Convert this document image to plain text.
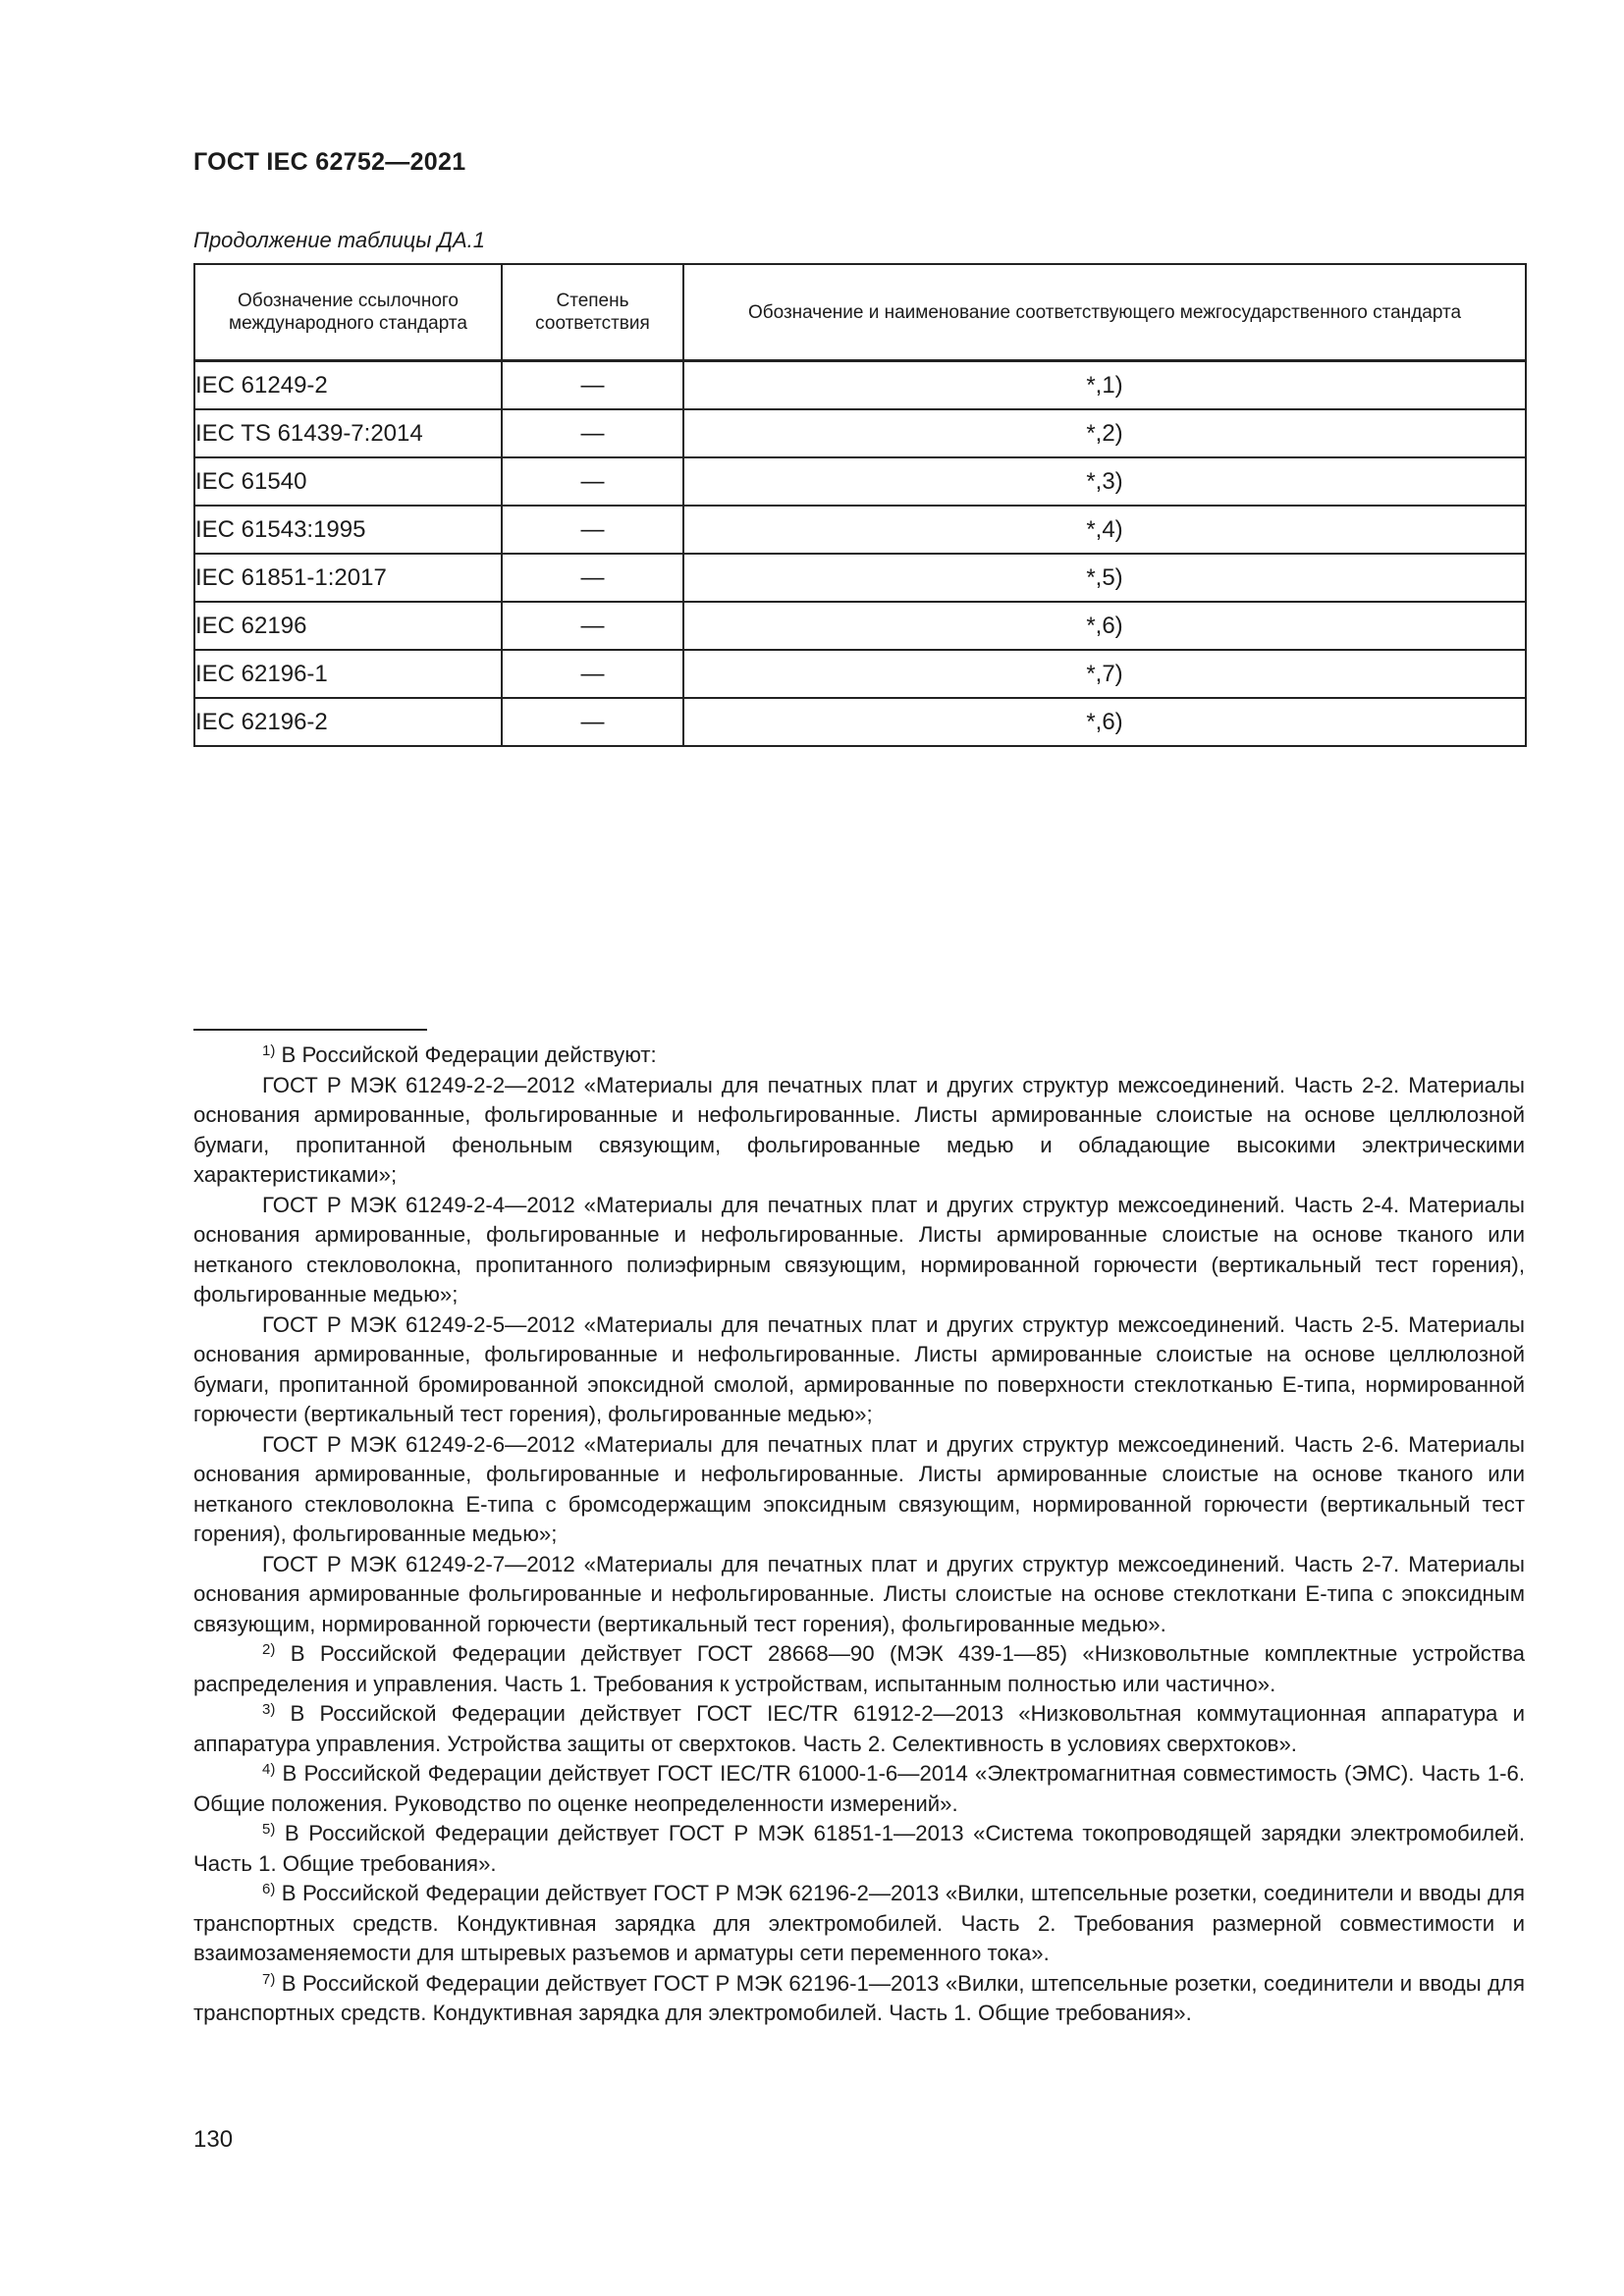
ГОСТ IEC 62752—2021
Продолжение таблицы ДА.1
Обозначение ссылочного международного стандарта	Степень соответствия	Обозначение и наименование соответствующего межгосударственного стандарта
IEC 61249-2	—	*,1)
IEC TS 61439-7:2014	—	*,2)
IEC 61540	—	*,3)
IEC 61543:1995	—	*,4)
IEC 61851-1:2017	—	*,5)
IEC 62196	—	*,6)
IEC 62196-1	—	*,7)
IEC 62196-2	—	*,6)

$^{1)}$ В Российской Федерации действуют:

ГОСТ Р МЭК 61249-2-2—2012 «Материалы для печатных плат и других структур межсоединений. Часть 2-2. Материалы основания армированные, фольгированные и нефольгированные. Листы армированные слоистые на основе целлюлозной бумаги, пропитанной фенольным связующим, фольгированные медью и обладающие высокими электрическими характеристиками»;

ГОСТ Р МЭК 61249-2-4—2012 «Материалы для печатных плат и других структур межсоединений. Часть 2-4. Материалы основания армированные, фольгированные и нефольгированные. Листы армированные слоистые на основе тканого или нетканого стекловолокна, пропитанного полиэфирным связующим, нормированной горючести (вертикальный тест горения), фольгированные медью»;

ГОСТ Р МЭК 61249-2-5—2012 «Материалы для печатных плат и других структур межсоединений. Часть 2-5. Материалы основания армированные, фольгированные и нефольгированные. Листы армированные слоистые на основе целлюлозной бумаги, пропитанной бромированной эпоксидной смолой, армированные по поверхности стеклотканью Е-типа, нормированной горючести (вертикальный тест горения), фольгированные медью»;

ГОСТ Р МЭК 61249-2-6—2012 «Материалы для печатных плат и других структур межсоединений. Часть 2-6. Материалы основания армированные, фольгированные и нефольгированные. Листы армированные слоистые на основе тканого или нетканого стекловолокна Е-типа с бромсодержащим эпоксидным связующим, нормированной горючести (вертикальный тест горения), фольгированные медью»;

ГОСТ Р МЭК 61249-2-7—2012 «Материалы для печатных плат и других структур межсоединений. Часть 2-7. Материалы основания армированные фольгированные и нефольгированные. Листы слоистые на основе стеклоткани Е-типа с эпоксидным связующим, нормированной горючести (вертикальный тест горения), фольгированные медью».

$^{2)}$ В Российской Федерации действует ГОСТ 28668—90 (МЭК 439-1—85) «Низковольтные комплектные устройства распределения и управления. Часть 1. Требования к устройствам, испытанным полностью или частично».

$^{3)}$ В Российской Федерации действует ГОСТ IEC/TR 61912-2—2013 «Низковольтная коммутационная аппаратура и аппаратура управления. Устройства защиты от сверхтоков. Часть 2. Селективность в условиях сверхтоков».

$^{4)}$ В Российской Федерации действует ГОСТ IEC/TR 61000-1-6—2014 «Электромагнитная совместимость (ЭМС). Часть 1-6. Общие положения. Руководство по оценке неопределенности измерений».

$^{5)}$ В Российской Федерации действует ГОСТ Р МЭК 61851-1—2013 «Система токопроводящей зарядки электромобилей. Часть 1. Общие требования».

$^{6)}$ В Российской Федерации действует ГОСТ Р МЭК 62196-2—2013 «Вилки, штепсельные розетки, соединители и вводы для транспортных средств. Кондуктивная зарядка для электромобилей. Часть 2. Требования размерной совместимости и взаимозаменяемости для штыревых разъемов и арматуры сети переменного тока».

$^{7)}$ В Российской Федерации действует ГОСТ Р МЭК 62196-1—2013 «Вилки, штепсельные розетки, соединители и вводы для транспортных средств. Кондуктивная зарядка для электромобилей. Часть 1. Общие требования».

130
